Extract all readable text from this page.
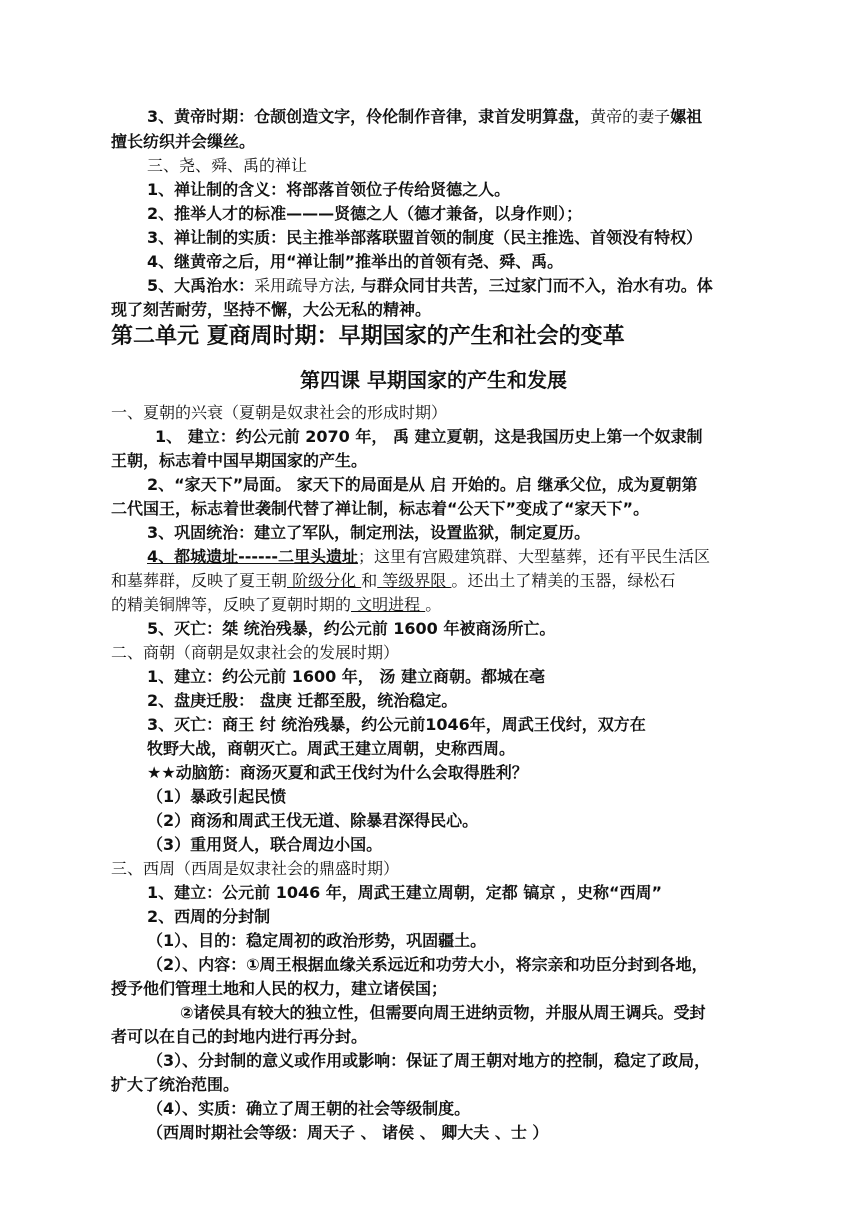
3、黄帝时期：仓颉创造文字，伶伦制作音律，隶首发明算盘，黄帝的妻子嫘祖
擅长纺织并会缫丝。
三、尧、舜、禹的禅让
1、禅让制的含义：将部落首领位子传给贤德之人。
2、推举人才的标准———贤德之人（德才兼备，以身作则）；
3、禅让制的实质：民主推举部落联盟首领的制度（民主推选、首领没有特权）
4、继黄帝之后，用“禅让制”推举出的首领有尧、舜、禹。
5、大禹治水：采用疏导方法, 与群众同甘共苦，三过家门而不入，治水有功。体
现了刻苦耐劳，坚持不懈，大公无私的精神。
第二单元 夏商周时期：早期国家的产生和社会的变革
第四课 早期国家的产生和发展
一、夏朝的兴衰（夏朝是奴隶社会的形成时期）
1、 建立：约公元前 2070 年， 禹 建立夏朝，这是我国历史上第一个奴隶制
王朝，标志着中国早期国家的产生。
2、“家天下”局面。 家天下的局面是从 启 开始的。启 继承父位，成为夏朝第
二代国王，标志着世袭制代替了禅让制，标志着“公天下”变成了“家天下”。
3、巩固统治：建立了军队，制定刑法，设置监狱，制定夏历。
4、都城遗址------二里头遗址；这里有宫殿建筑群、大型墓葬，还有平民生活区
和墓葬群，反映了夏王朝 阶级分化 和 等级界限 。还出土了精美的玉器，绿松石
的精美铜牌等，反映了夏朝时期的 文明进程 。
5、灭亡：桀 统治残暴，约公元前 1600 年被商汤所亡。
二、商朝（商朝是奴隶社会的发展时期）
1、建立：约公元前 1600 年， 汤 建立商朝。都城在亳
2、盘庚迁殷： 盘庚 迁都至殷，统治稳定。
3、灭亡：商王 纣 统治残暴，约公元前1046年，周武王伐纣，双方在
牧野大战，商朝灭亡。周武王建立周朝，史称西周。
★★动脑筋：商汤灭夏和武王伐纣为什么会取得胜利？
（1）暴政引起民愤
（2）商汤和周武王伐无道、除暴君深得民心。
（3）重用贤人，联合周边小国。
三、西周（西周是奴隶社会的鼎盛时期）
1、建立：公元前 1046 年，周武王建立周朝，定都 镐京 ，史称“西周”
2、西周的分封制
（1）、目的：稳定周初的政治形势，巩固疆土。
（2）、内容：①周王根据血缘关系远近和功劳大小，将宗亲和功臣分封到各地，
授予他们管理土地和人民的权力，建立诸侯国；
②诸侯具有较大的独立性，但需要向周王进纳贡物，并服从周王调兵。受封
者可以在自己的封地内进行再分封。
（3）、分封制的意义或作用或影响：保证了周王朝对地方的控制，稳定了政局，
扩大了统治范围。
（4）、实质：确立了周王朝的社会等级制度。
（西周时期社会等级：周天子 、 诸侯 、 卿大夫 、士 ）
